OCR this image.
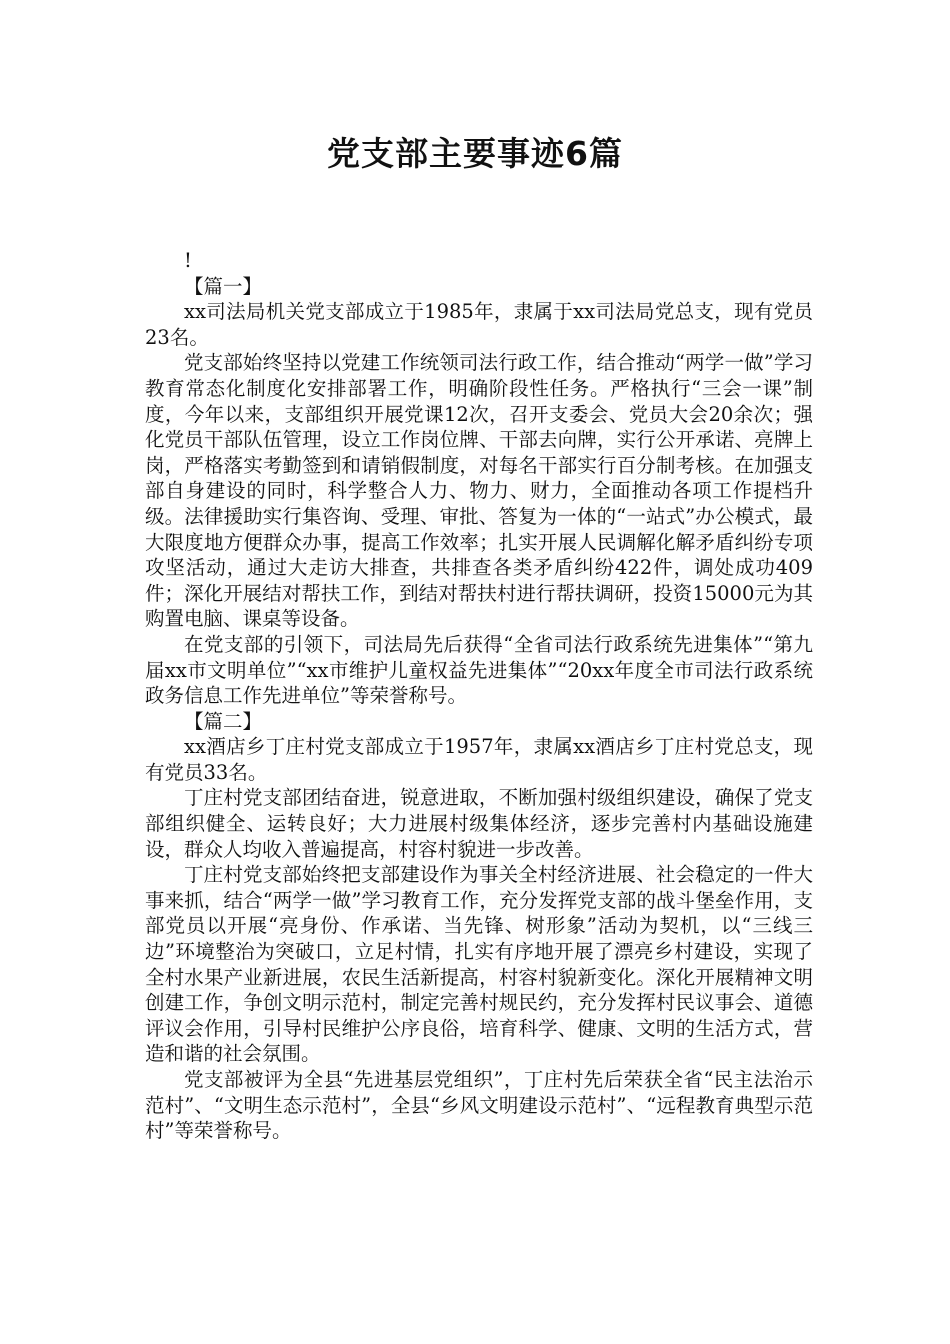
党支部主要事迹6篇

!

【篇一】

xx司法局机关党支部成立于1985年，隶属于xx司法局党总支，现有党员23名。

党支部始终坚持以党建工作统领司法行政工作，结合推动“两学一做”学习教育常态化制度化安排部署工作，明确阶段性任务。严格执行“三会一课”制度，今年以来，支部组织开展党课12次，召开支委会、党员大会20余次；强化党员干部队伍管理，设立工作岗位牌、干部去向牌，实行公开承诺、亮牌上岗，严格落实考勤签到和请销假制度，对每名干部实行百分制考核。在加强支部自身建设的同时，科学整合人力、物力、财力，全面推动各项工作提档升级。法律援助实行集咨询、受理、审批、答复为一体的“一站式”办公模式，最大限度地方便群众办事，提高工作效率；扎实开展人民调解化解矛盾纠纷专项攻坚活动，通过大走访大排查，共排查各类矛盾纠纷422件，调处成功409件；深化开展结对帮扶工作，到结对帮扶村进行帮扶调研，投资15000元为其购置电脑、课桌等设备。

在党支部的引领下，司法局先后获得“全省司法行政系统先进集体”“第九届xx市文明单位”“xx市维护儿童权益先进集体”“20xx年度全市司法行政系统政务信息工作先进单位”等荣誉称号。

【篇二】

xx酒店乡丁庄村党支部成立于1957年，隶属xx酒店乡丁庄村党总支，现有党员33名。

丁庄村党支部团结奋进，锐意进取，不断加强村级组织建设，确保了党支部组织健全、运转良好；大力进展村级集体经济，逐步完善村内基础设施建设，群众人均收入普遍提高，村容村貌进一步改善。

丁庄村党支部始终把支部建设作为事关全村经济进展、社会稳定的一件大事来抓，结合“两学一做”学习教育工作，充分发挥党支部的战斗堡垒作用，支部党员以开展“亮身份、作承诺、当先锋、树形象”活动为契机，以“三线三边”环境整治为突破口，立足村情，扎实有序地开展了漂亮乡村建设，实现了全村水果产业新进展，农民生活新提高，村容村貌新变化。深化开展精神文明创建工作，争创文明示范村，制定完善村规民约，充分发挥村民议事会、道德评议会作用，引导村民维护公序良俗，培育科学、健康、文明的生活方式，营造和谐的社会氛围。

党支部被评为全县“先进基层党组织”，丁庄村先后荣获全省“民主法治示范村”、“文明生态示范村”，全县“乡风文明建设示范村”、“远程教育典型示范村”等荣誉称号。
